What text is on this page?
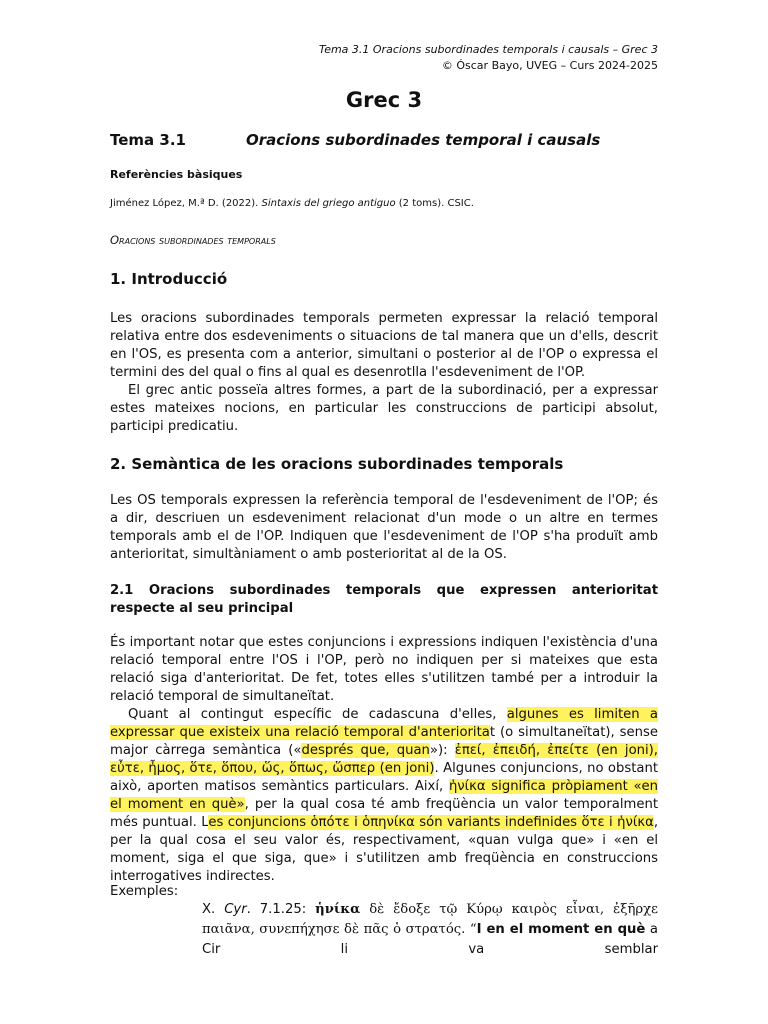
Tema 3.1 Oracions subordinades temporals i causals – Grec 3
© Óscar Bayo, UVEG – Curs 2024-2025
Grec 3
Tema 3.1	Oracions subordinades temporal i causals
Referències bàsiques
Jiménez López, M.ª D. (2022). Sintaxis del griego antiguo (2 toms). CSIC.
Oracions subordinades temporals
1. Introducció

Les oracions subordinades temporals permeten expressar la relació temporal relativa entre dos esdeveniments o situacions de tal manera que un d'ells, descrit en l'OS, es presenta com a anterior, simultani o posterior al de l'OP o expressa el termini des del qual o fins al qual es desenrotlla l'esdeveniment de l'OP.

El grec antic posseïa altres formes, a part de la subordinació, per a expressar estes mateixes nocions, en particular les construccions de participi absolut, participi predicatiu.

2. Semàntica de les oracions subordinades temporals

Les OS temporals expressen la referència temporal de l'esdeveniment de l'OP; és a dir, descriuen un esdeveniment relacionat d'un mode o un altre en termes temporals amb el de l'OP. Indiquen que l'esdeveniment de l'OP s'ha produït amb anterioritat, simultàniament o amb posterioritat al de la OS.

2.1 Oracions subordinades temporals que expressen anterioritat respecte al seu principal

És important notar que estes conjuncions i expressions indiquen l'existència d'una relació temporal entre l'OS i l'OP, però no indiquen per si mateixes que esta relació siga d'anterioritat. De fet, totes elles s'utilitzen també per a introduir la relació temporal de simultaneïtat.

Quant al contingut específic de cadascuna d'elles, algunes es limiten a expressar que existeix una relació temporal d'anterioritat (o simultaneïtat), sense major càrrega semàntica («després que, quan»): ἐπεί, ἐπειδή, ἐπείτε (en joni), εὖτε, ἦμος, ὅτε, ὅπου, ὥς, ὅπως, ὥσπερ (en joni). Algunes conjuncions, no obstant això, aporten matisos semàntics particulars. Així, ἡνίκα significa pròpiament «en el moment en què», per la qual cosa té amb freqüència un valor temporalment més puntual. Les conjuncions ὁπότε i ὁπηνίκα són variants indefinides ὅτε i ἡνίκα, per la qual cosa el seu valor és, respectivament, «quan vulga que» i «en el moment, siga el que siga, que» i s'utilitzen amb freqüència en construccions interrogatives indirectes.

Exemples:

X. Cyr. 7.1.25: ἡνίκα δὲ ἔδοξε τῷ Κύρῳ καιρὸς εἶναι, ἐξῆρχε παιᾶνα, συνεπήχησε δὲ πᾶς ὁ στρατός. “I en el moment en què a Cir li va semblar
